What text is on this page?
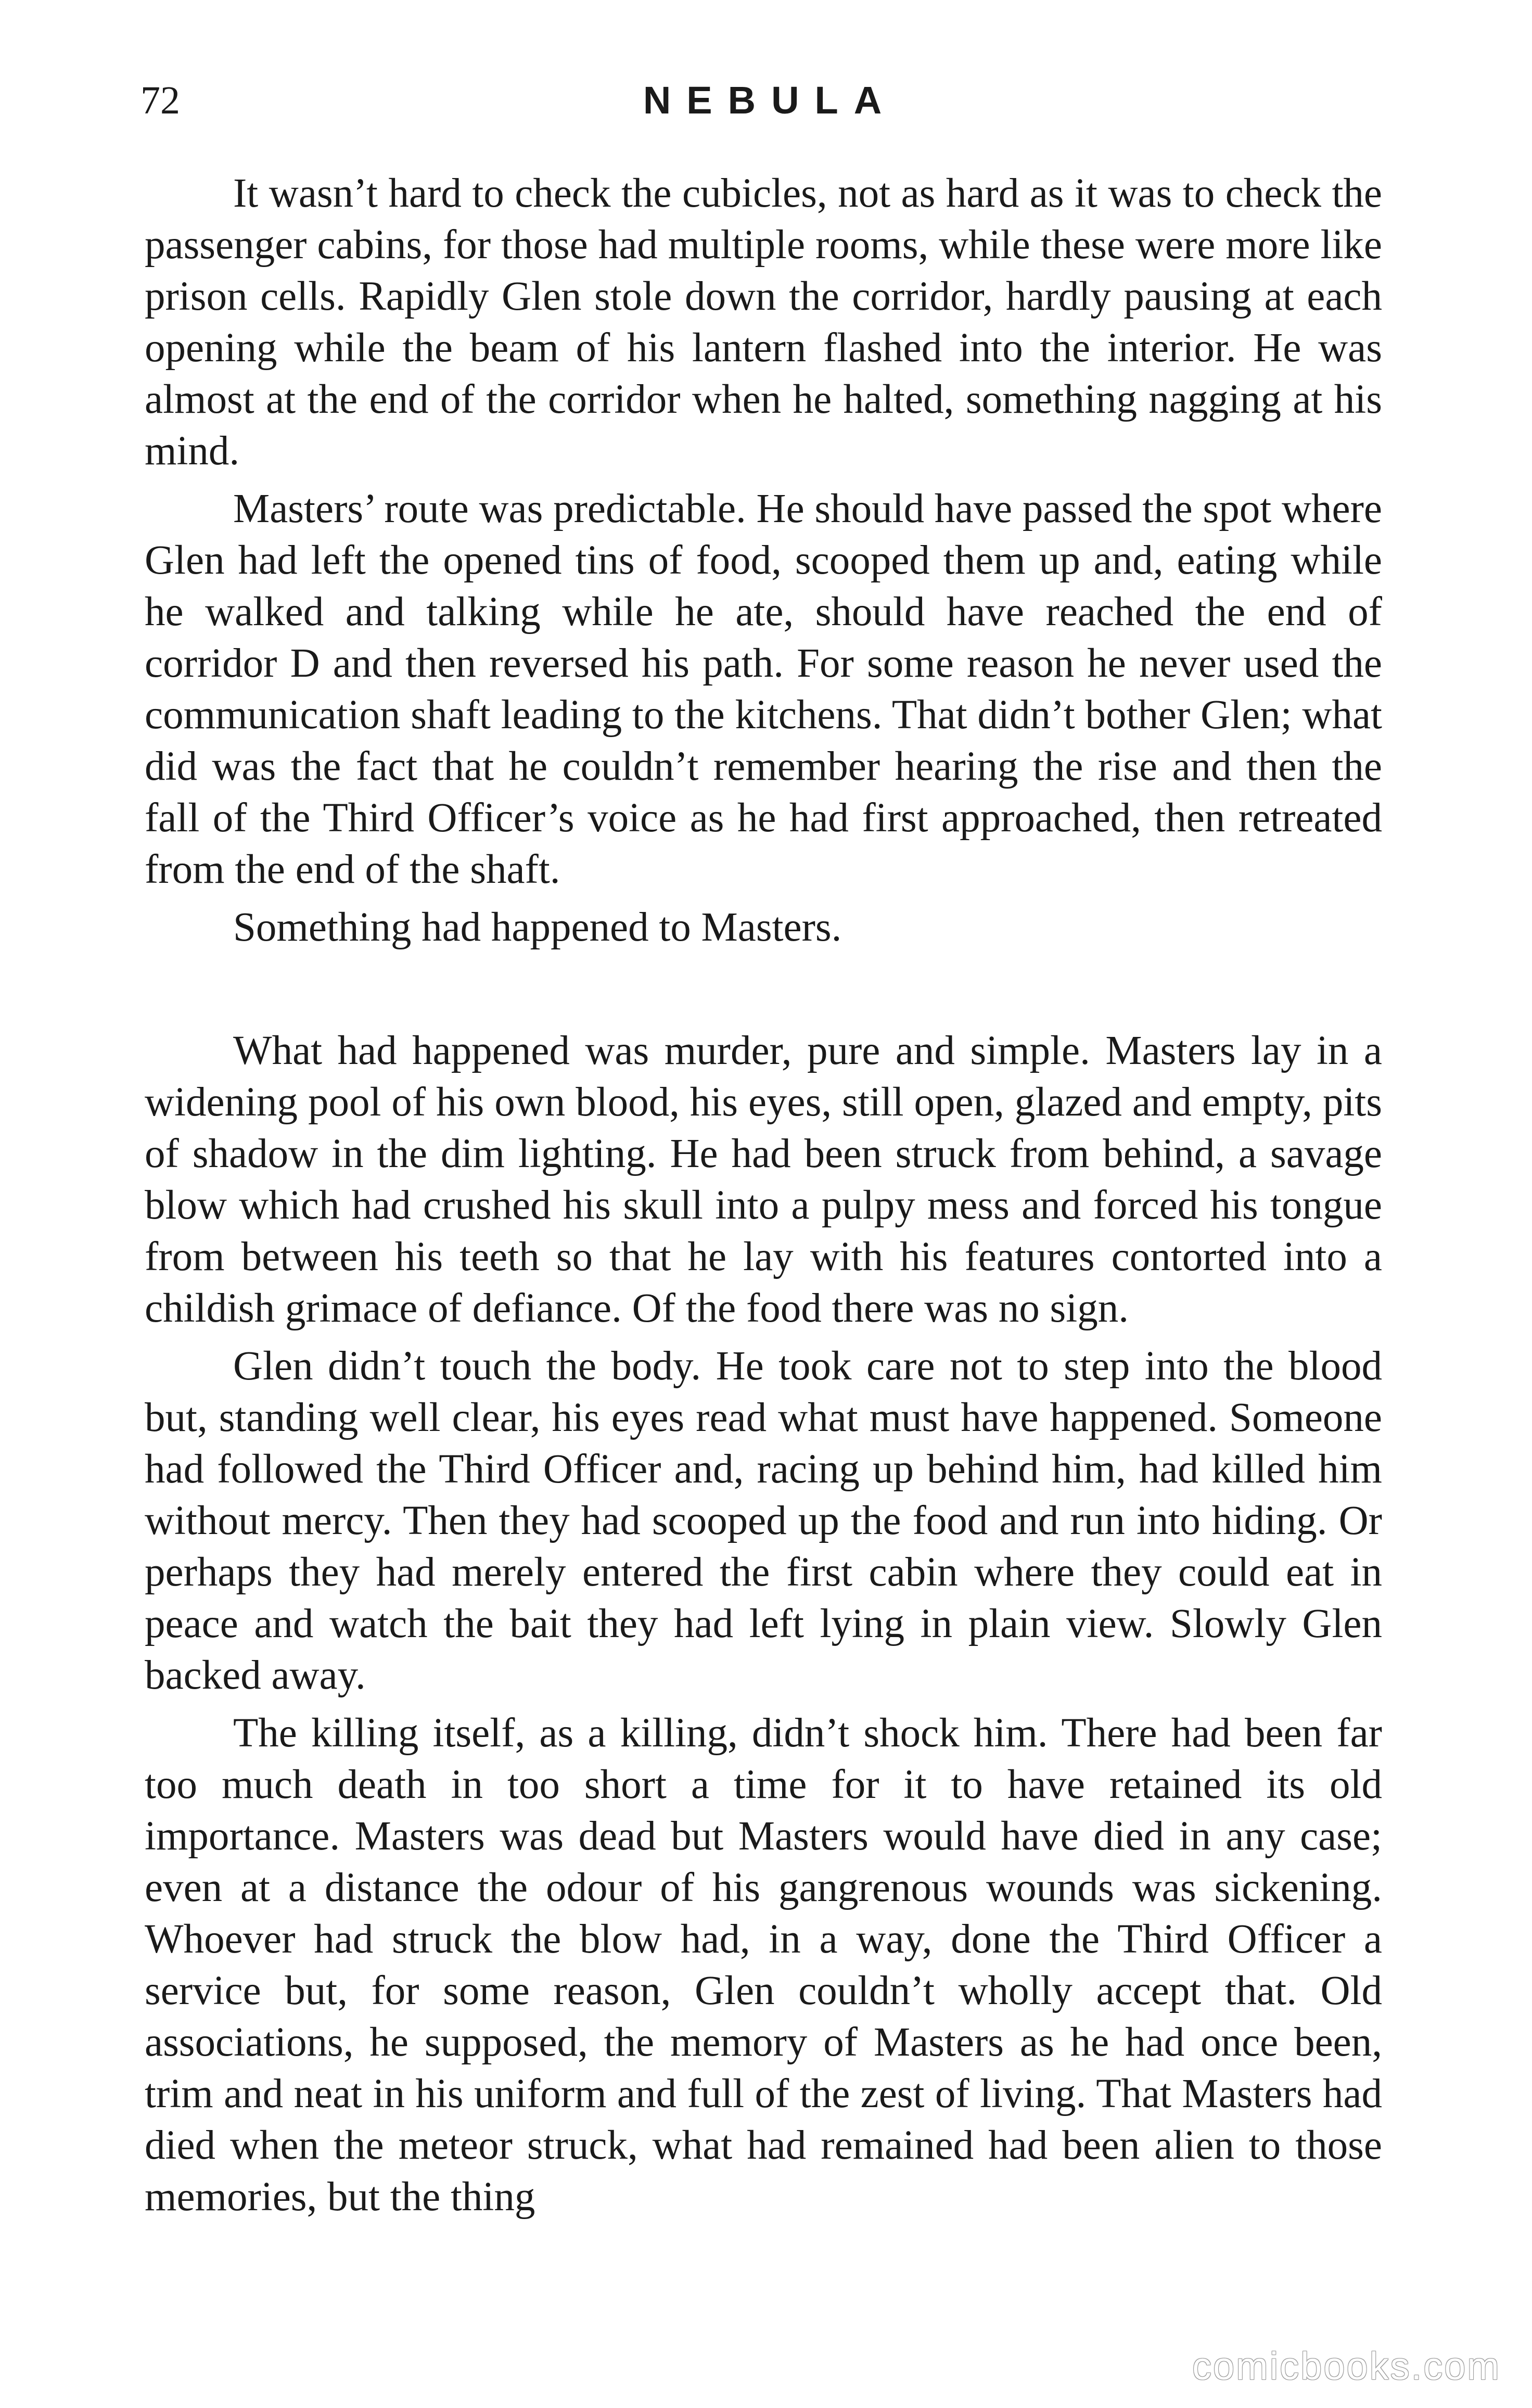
72	NEBULA

It wasn’t hard to check the cubicles, not as hard as it was to check the passenger cabins, for those had multiple rooms, while these were more like prison cells. Rapidly Glen stole down the corridor, hardly pausing at each opening while the beam of his lantern flashed into the interior. He was almost at the end of the corridor when he halted, something nagging at his mind.

Masters’ route was predictable. He should have passed the spot where Glen had left the opened tins of food, scooped them up and, eating while he walked and talking while he ate, should have reached the end of corridor D and then reversed his path. For some reason he never used the communication shaft leading to the kitchens. That didn’t bother Glen; what did was the fact that he couldn’t remember hearing the rise and then the fall of the Third Officer’s voice as he had first approached, then retreated from the end of the shaft.

Something had happened to Masters.

What had happened was murder, pure and simple. Masters lay in a widening pool of his own blood, his eyes, still open, glazed and empty, pits of shadow in the dim lighting. He had been struck from behind, a savage blow which had crushed his skull into a pulpy mess and forced his tongue from between his teeth so that he lay with his features contorted into a childish grimace of defiance. Of the food there was no sign.

Glen didn’t touch the body. He took care not to step into the blood but, standing well clear, his eyes read what must have happened. Someone had followed the Third Officer and, racing up behind him, had killed him without mercy. Then they had scooped up the food and run into hiding. Or perhaps they had merely entered the first cabin where they could eat in peace and watch the bait they had left lying in plain view. Slowly Glen backed away.

The killing itself, as a killing, didn’t shock him. There had been far too much death in too short a time for it to have retained its old importance. Masters was dead but Masters would have died in any case; even at a distance the odour of his gangrenous wounds was sickening. Whoever had struck the blow had, in a way, done the Third Officer a service but, for some reason, Glen couldn’t wholly accept that. Old associations, he supposed, the memory of Masters as he had once been, trim and neat in his uniform and full of the zest of living. That Masters had died when the meteor struck, what had remained had been alien to those memories, but the thing

comicbooks.com
